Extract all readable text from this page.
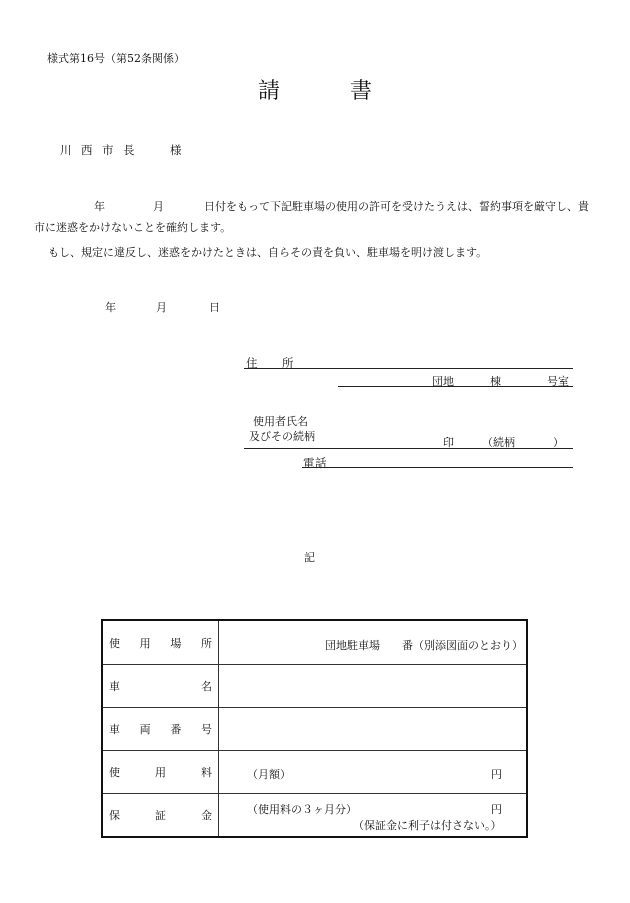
様式第16号（第52条関係）
請	書
川 西 市 長	様

年	月	日付をもって下記駐車場の使用の許可を受けたうえは、誓約事項を厳守し、貴市に迷惑をかけないことを確約します。

もし、規定に違反し、迷惑をかけたときは、自らその責を負い、駐車場を明け渡します。

年	月	日
住 所
団地	棟	号室
使用者氏名
及びその続柄	印	（続柄	）
電話
記
使 用 場 所	団地駐車場　　番（別添図面のとおり）

車 名	

車 両 番 号	

使 用 料	（月額） 円

保 証 金	（使用料の３ヶ月分） 円
（保証金に利子は付さない。）
